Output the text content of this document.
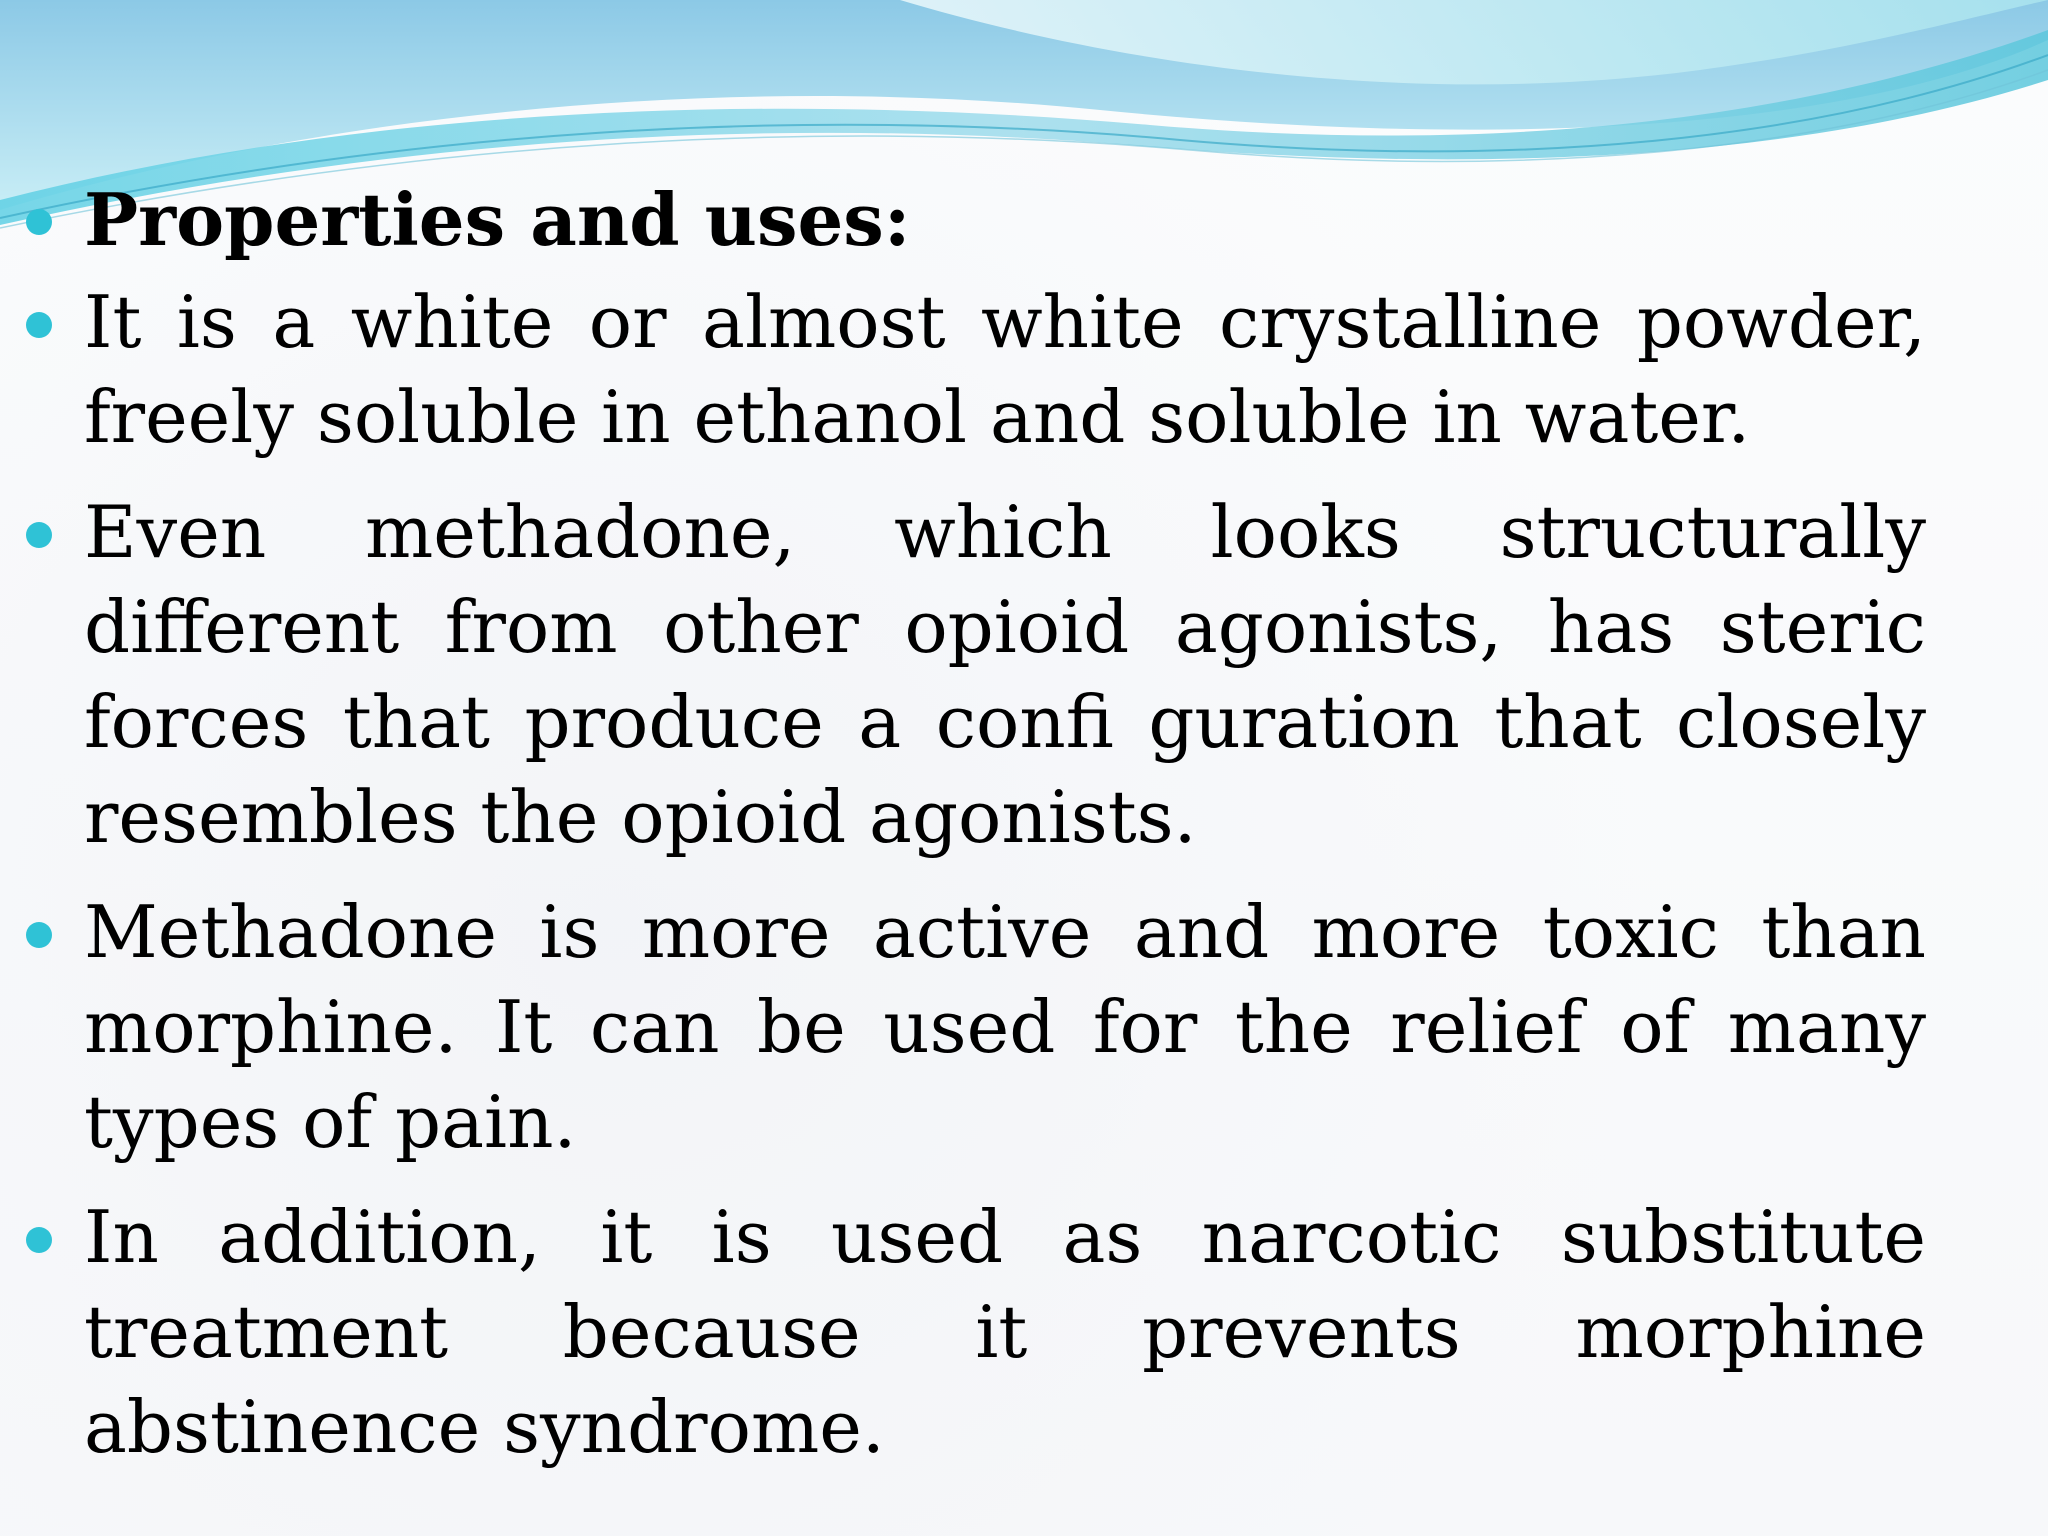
Properties and uses:
It is a white or almost white crystalline powder, freely soluble in ethanol and soluble in water.
Even methadone, which looks structurally different from other opioid agonists, has steric forces that produce a confi guration that closely resembles the opioid agonists.
Methadone is more active and more toxic than morphine. It can be used for the relief of many types of pain.
In addition, it is used as narcotic substitute treatment because it prevents morphine abstinence syndrome.
